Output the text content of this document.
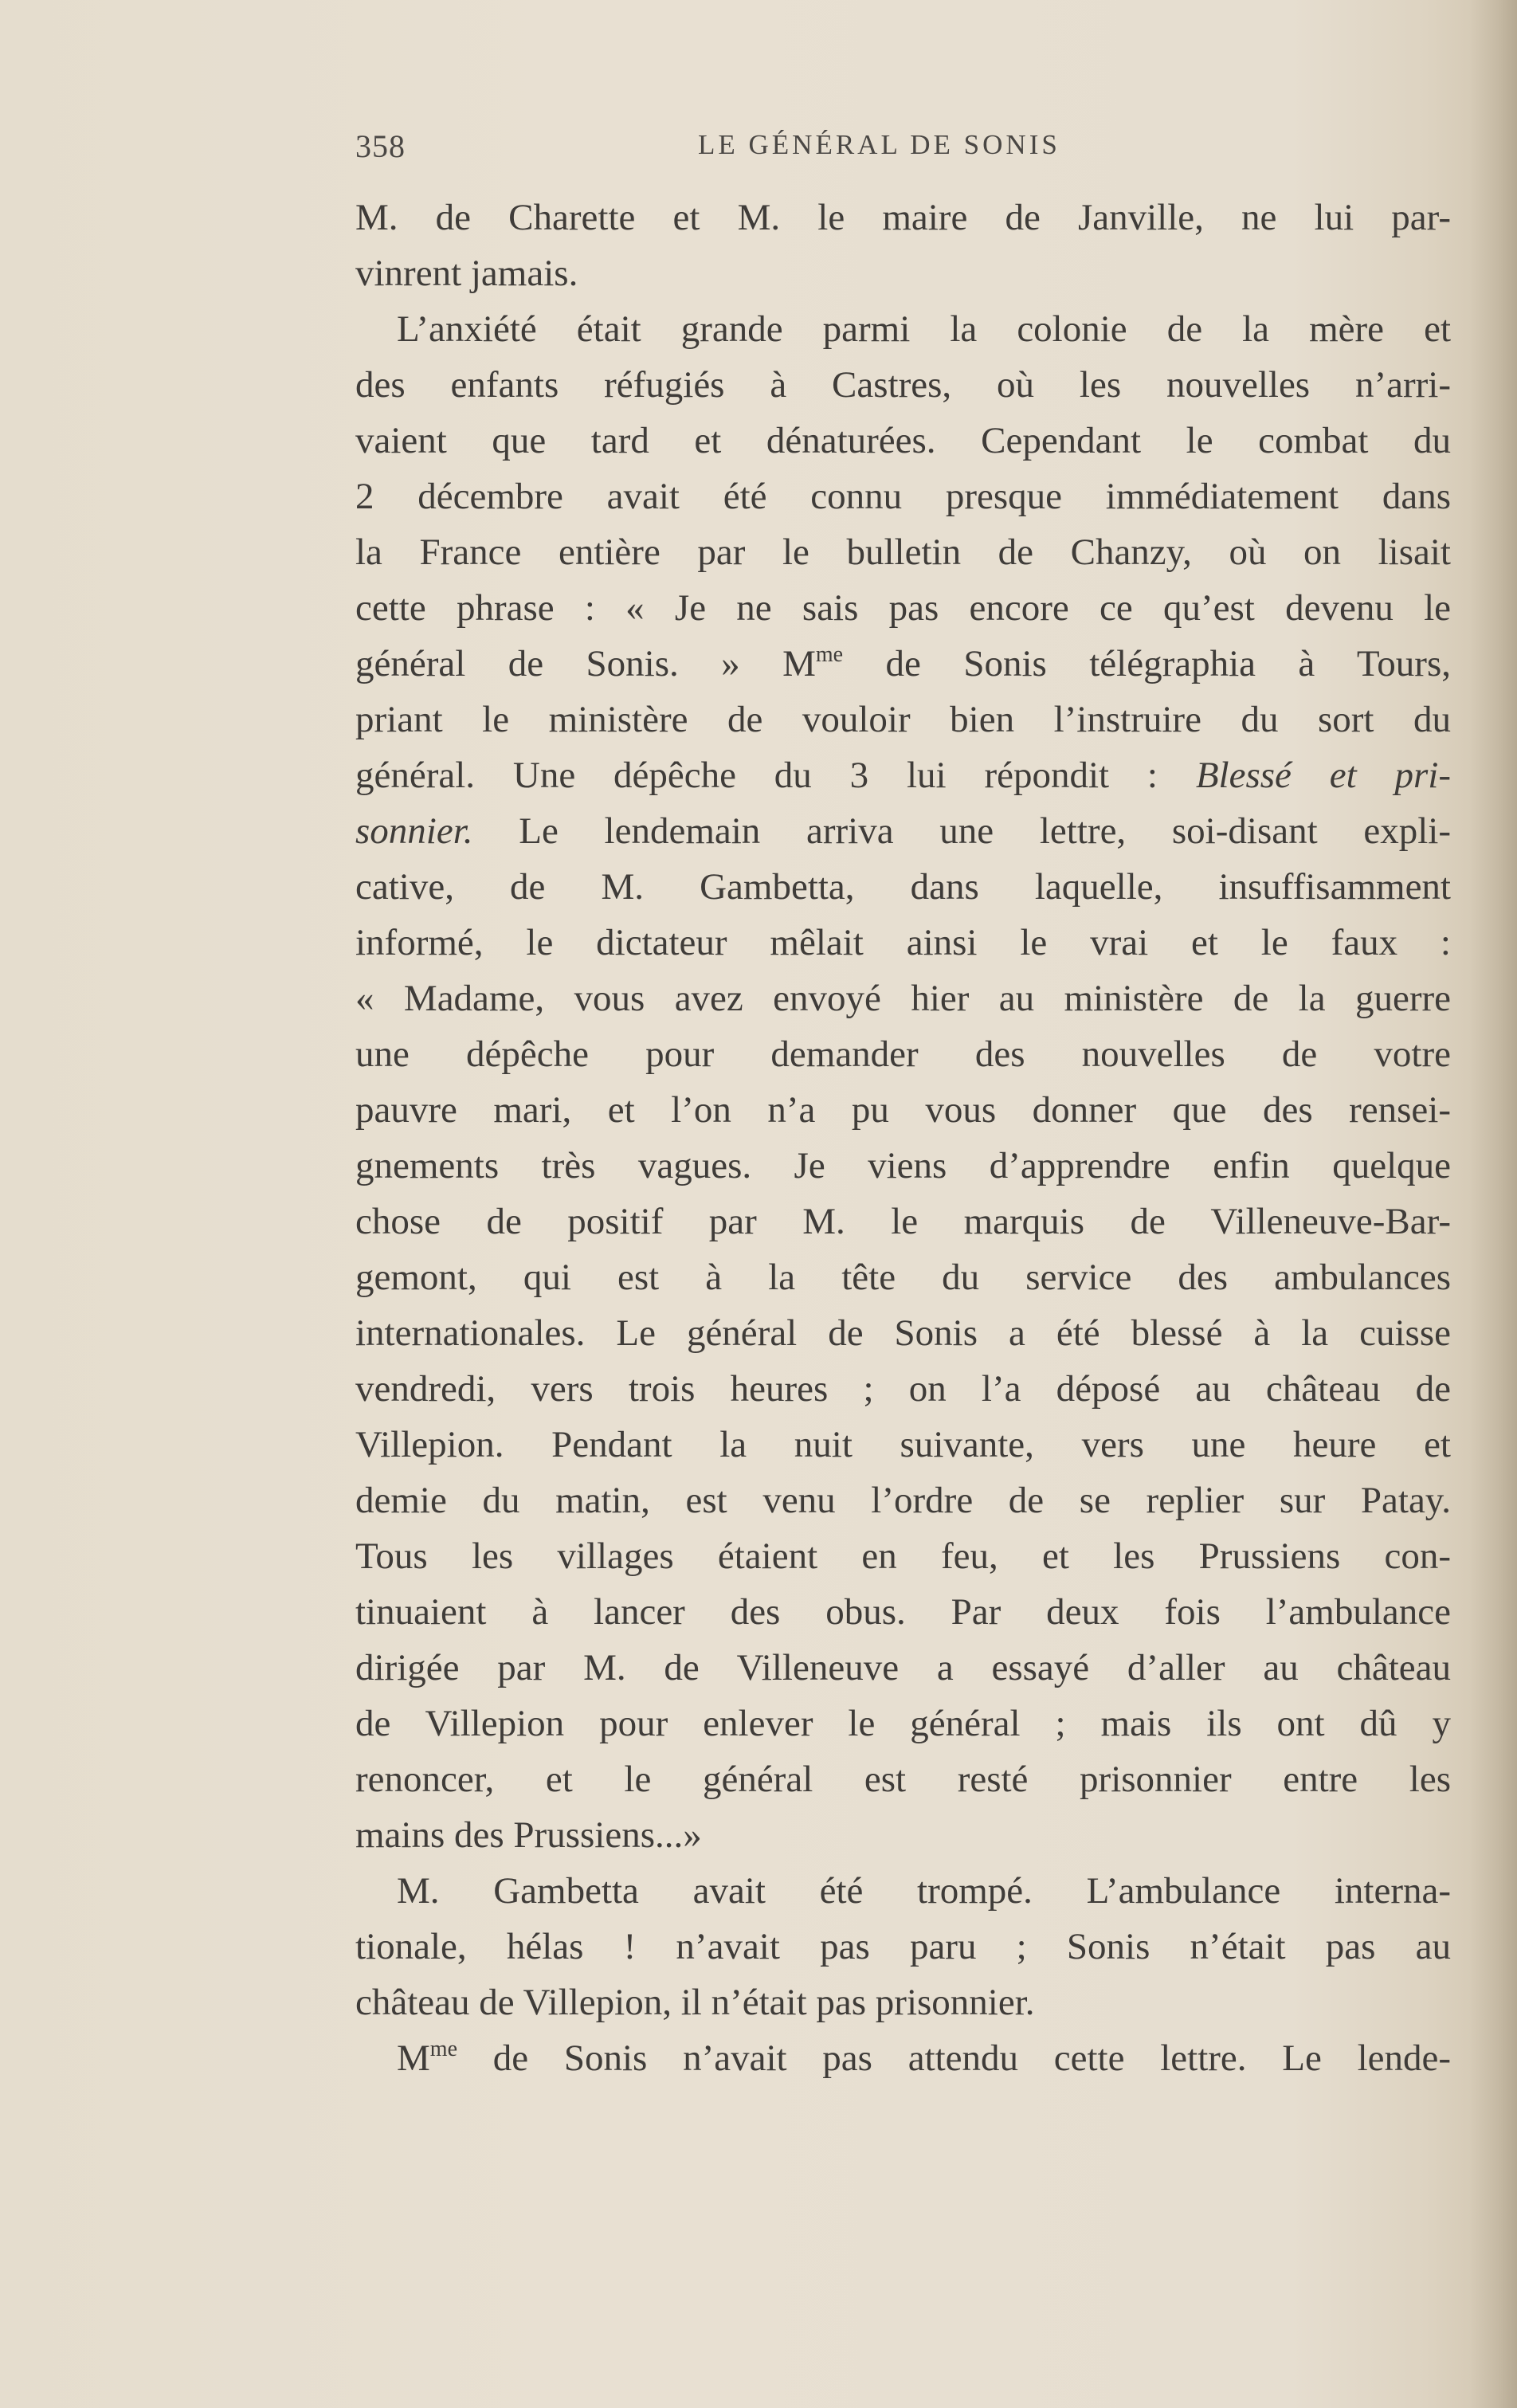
358	LE GÉNÉRAL DE SONIS
M. de Charette et M. le maire de Janville, ne lui par-
vinrent jamais.
L’anxiété était grande parmi la colonie de la mère et
des enfants réfugiés à Castres, où les nouvelles n’arri-
vaient que tard et dénaturées. Cependant le combat du
2 décembre avait été connu presque immédiatement dans
la France entière par le bulletin de Chanzy, où on lisait
cette phrase : « Je ne sais pas encore ce qu’est devenu le
général de Sonis. » $M^{me}$ de Sonis télégraphia à Tours,
priant le ministère de vouloir bien l’instruire du sort du
général. Une dépêche du 3 lui répondit : Blessé et pri-
sonnier. Le lendemain arriva une lettre, soi-disant expli-
cative, de M. Gambetta, dans laquelle, insuffisamment
informé, le dictateur mêlait ainsi le vrai et le faux :
« Madame, vous avez envoyé hier au ministère de la guerre
une dépêche pour demander des nouvelles de votre
pauvre mari, et l’on n’a pu vous donner que des rensei-
gnements très vagues. Je viens d’apprendre enfin quelque
chose de positif par M. le marquis de Villeneuve-Bar-
gemont, qui est à la tête du service des ambulances
internationales. Le général de Sonis a été blessé à la cuisse
vendredi, vers trois heures ; on l’a déposé au château de
Villepion. Pendant la nuit suivante, vers une heure et
demie du matin, est venu l’ordre de se replier sur Patay.
Tous les villages étaient en feu, et les Prussiens con-
tinuaient à lancer des obus. Par deux fois l’ambulance
dirigée par M. de Villeneuve a essayé d’aller au château
de Villepion pour enlever le général ; mais ils ont dû y
renoncer, et le général est resté prisonnier entre les
mains des Prussiens...»
M. Gambetta avait été trompé. L’ambulance interna-
tionale, hélas ! n’avait pas paru ; Sonis n’était pas au
château de Villepion, il n’était pas prisonnier.
$M^{me}$ de Sonis n’avait pas attendu cette lettre. Le lende-
